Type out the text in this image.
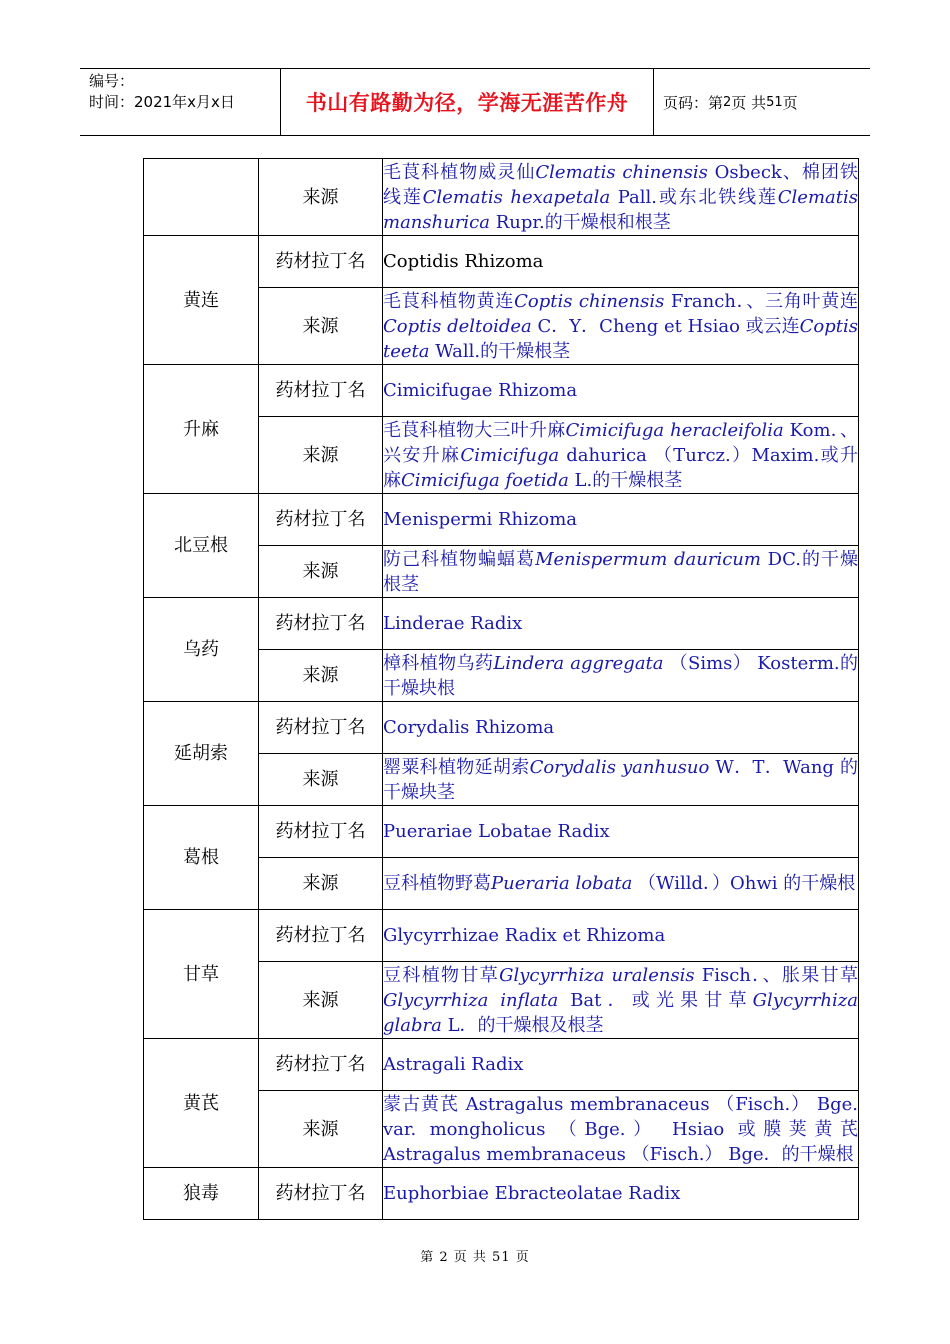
编号：
时间：2021年x月x日	书山有路勤为径，学海无涯苦作舟	页码：第 2 页 共 51 页
	来源	毛茛科植物威灵仙Clematis chinensis Osbeck、棉团铁线莲Clematis hexapetala Pall.或东北铁线莲Clematis manshurica Rupr.的干燥根和根茎
黄连	药材拉丁名	Coptidis Rhizoma
	来源	毛茛科植物黄连Coptis chinensis Franch．、三角叶黄连Coptis deltoidea C．Y．Cheng et Hsiao 或云连Coptis teeta Wall.的干燥根茎
升麻	药材拉丁名	Cimicifugae Rhizoma
	来源	毛茛科植物大三叶升麻Cimicifuga heracleifolia Kom．、兴安升麻Cimicifuga dahurica （Turcz.）Maxim.或升麻Cimicifuga foetida L.的干燥根茎
北豆根	药材拉丁名	Menispermi Rhizoma
	来源	防己科植物蝙蝠葛Menispermum dauricum DC.的干燥根茎
乌药	药材拉丁名	Linderae Radix
	来源	樟科植物乌药Lindera aggregata （Sims） Kosterm.的干燥块根
延胡索	药材拉丁名	Corydalis Rhizoma
	来源	罂粟科植物延胡索Corydalis yanhusuo W．T．Wang 的干燥块茎
葛根	药材拉丁名	Puerariae Lobatae Radix
	来源	豆科植物野葛Pueraria lobata （Willd．）Ohwi 的干燥根
甘草	药材拉丁名	Glycyrrhizae Radix et Rhizoma
	来源	豆科植物甘草Glycyrrhiza uralensis Fisch．、胀果甘草Glycyrrhiza inflata Bat．或光果甘草Glycyrrhiza glabra L．的干燥根及根茎
黄芪	药材拉丁名	Astragali Radix
	来源	蒙古黄芪 Astragalus membranaceus （Fisch.） Bge. var. mongholicus （Bge.） Hsiao 或膜荚黄芪 Astragalus membranaceus （Fisch.） Bge．的干燥根
狼毒	药材拉丁名	Euphorbiae Ebracteolatae Radix
第 2 页 共 51 页
